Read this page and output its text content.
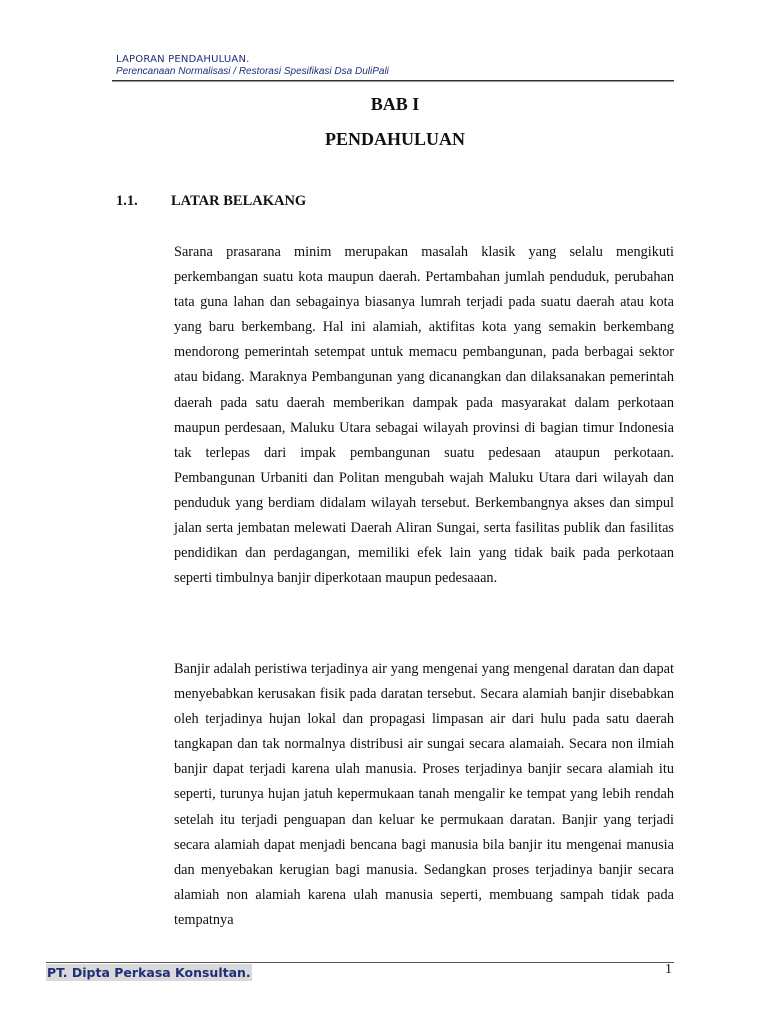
LAPORAN PENDAHULUAN.
Perencanaan Normalisasi / Restorasi Spesifikasi Dsa DuliPali
BAB I
PENDAHULUAN
1.1. LATAR BELAKANG

Sarana prasarana minim merupakan masalah klasik yang selalu mengikuti perkembangan suatu kota maupun daerah. Pertambahan jumlah penduduk, perubahan tata guna lahan dan sebagainya biasanya lumrah terjadi pada suatu daerah atau kota yang baru berkembang. Hal ini alamiah, aktifitas kota yang semakin berkembang mendorong pemerintah setempat untuk memacu pembangunan, pada berbagai sektor atau bidang. Maraknya Pembangunan yang dicanangkan dan dilaksanakan pemerintah daerah pada satu daerah memberikan dampak pada masyarakat dalam perkotaan maupun perdesaan, Maluku Utara sebagai wilayah provinsi di bagian timur Indonesia tak terlepas dari impak pembangunan suatu pedesaan ataupun perkotaan. Pembangunan Urbaniti dan Politan mengubah wajah Maluku Utara dari wilayah dan penduduk yang berdiam didalam wilayah tersebut. Berkembangnya akses dan simpul jalan serta jembatan melewati Daerah Aliran Sungai, serta fasilitas publik dan fasilitas pendidikan dan perdagangan, memiliki efek lain yang tidak baik pada perkotaan seperti timbulnya banjir diperkotaan maupun pedesaaan.

Banjir adalah peristiwa terjadinya air yang mengenai yang mengenal daratan dan dapat menyebabkan kerusakan fisik pada daratan tersebut. Secara alamiah banjir disebabkan oleh terjadinya hujan lokal dan propagasi limpasan air dari hulu pada satu daerah tangkapan dan tak normalnya distribusi air sungai secara alamaiah. Secara non ilmiah banjir dapat terjadi karena ulah manusia. Proses terjadinya banjir secara alamiah itu seperti, turunya hujan jatuh kepermukaan tanah mengalir ke tempat yang lebih rendah setelah itu terjadi penguapan dan keluar ke permukaan daratan. Banjir yang terjadi secara alamiah dapat menjadi bencana bagi manusia bila banjir itu mengenai manusia dan menyebakan kerugian bagi manusia. Sedangkan proses terjadinya banjir secara alamiah non alamiah karena ulah manusia seperti, membuang sampah tidak pada tempatnya

PT. Dipta Perkasa Konsultan.	1
